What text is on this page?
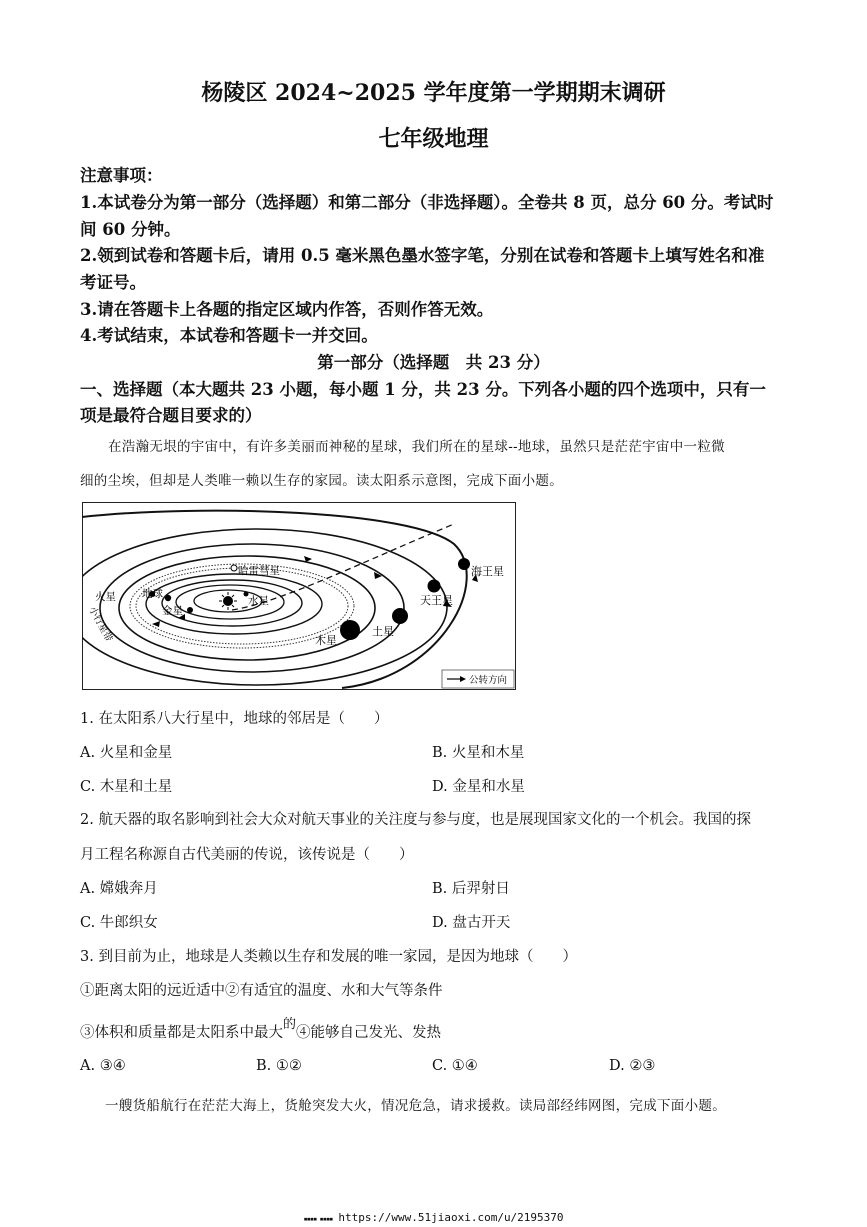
杨陵区 2024~2025 学年度第一学期期末调研
七年级地理
注意事项：
1.本试卷分为第一部分（选择题）和第二部分（非选择题）。全卷共 8 页，总分 60 分。考试时
间 60 分钟。
2.领到试卷和答题卡后，请用 0.5 毫米黑色墨水签字笔，分别在试卷和答题卡上填写姓名和准
考证号。
3.请在答题卡上各题的指定区域内作答，否则作答无效。
4.考试结束，本试卷和答题卡一并交回。
第一部分（选择题　共 23 分）
一、选择题（本大题共 23 小题，每小题 1 分，共 23 分。下列各小题的四个选项中，只有一
项是最符合题目要求的）
在浩瀚无垠的宇宙中，有许多美丽而神秘的星球，我们所在的星球--地球，虽然只是茫茫宇宙中一粒微
细的尘埃，但却是人类唯一赖以生存的家园。读太阳系示意图，完成下面小题。
哈雷彗星
地球
火星
金星
水星
海王星
天王星
土星
木星
小行星带
公转方向
1. 在太阳系八大行星中，地球的邻居是（　　）
A. 火星和金星	B. 火星和木星
C. 木星和土星	D. 金星和水星
2. 航天器的取名影响到社会大众对航天事业的关注度与参与度，也是展现国家文化的一个机会。我国的探
月工程名称源自古代美丽的传说，该传说是（　　）
A. 嫦娥奔月	B. 后羿射日
C. 牛郎织女	D. 盘古开天
3. 到目前为止，地球是人类赖以生存和发展的唯一家园，是因为地球（　　）
①距离太阳的远近适中②有适宜的温度、水和大气等条件
③体积和质量都是太阳系中最大的④能够自己发光、发热
A. ③④	B. ①②	C. ①④	D. ②③
一艘货船航行在茫茫大海上，货舱突发大火，情况危急，请求援救。读局部经纬网图，完成下面小题。
▪▪▪▪ ▪▪▪▪ https://www.51jiaoxi.com/u/2195370
